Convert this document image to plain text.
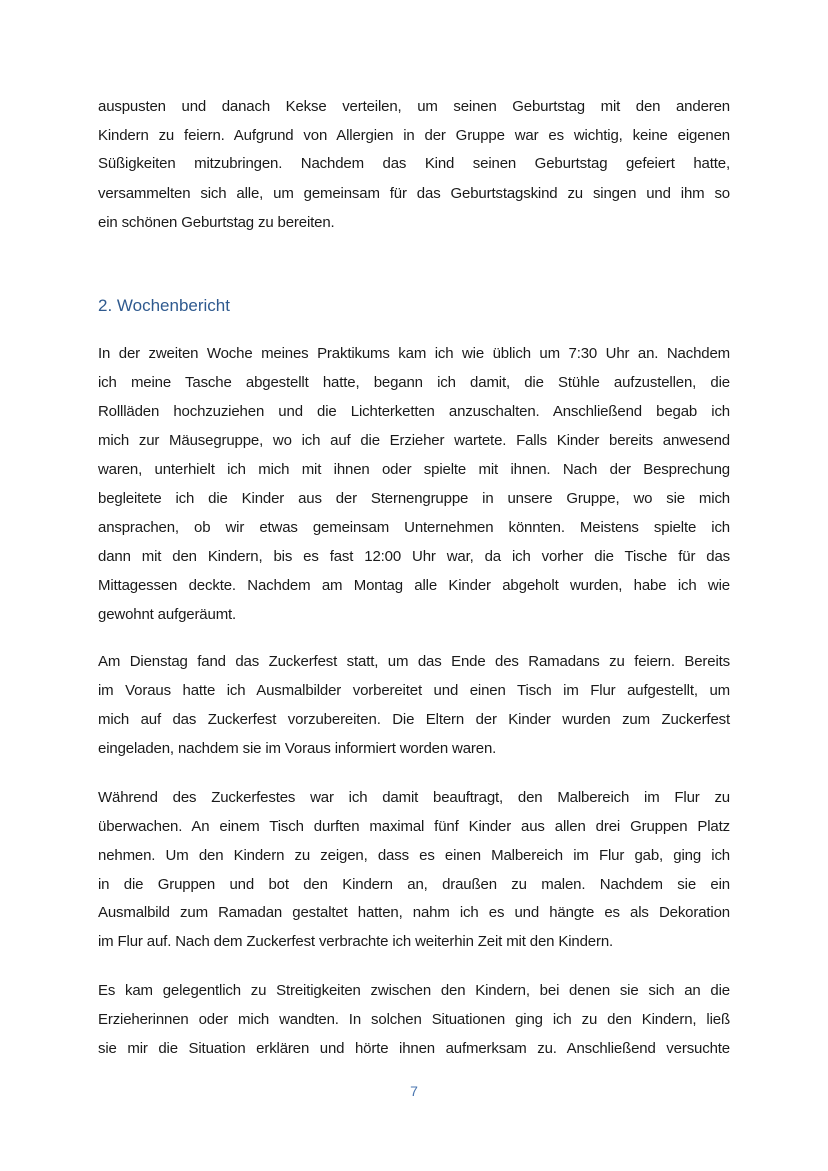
2. Wochenbericht
auspusten und danach Kekse verteilen, um seinen Geburtstag mit den anderen
Kindern zu feiern. Aufgrund von Allergien in der Gruppe war es wichtig, keine eigenen
Süßigkeiten mitzubringen. Nachdem das Kind seinen Geburtstag gefeiert hatte,
versammelten sich alle, um gemeinsam für das Geburtstagskind zu singen und ihm so
ein schönen Geburtstag zu bereiten.
In der zweiten Woche meines Praktikums kam ich wie üblich um 7:30 Uhr an. Nachdem
ich meine Tasche abgestellt hatte, begann ich damit, die Stühle aufzustellen, die
Rollläden hochzuziehen und die Lichterketten anzuschalten. Anschließend begab ich
mich zur Mäusegruppe, wo ich auf die Erzieher wartete. Falls Kinder bereits anwesend
waren, unterhielt ich mich mit ihnen oder spielte mit ihnen. Nach der Besprechung
begleitete ich die Kinder aus der Sternengruppe in unsere Gruppe, wo sie mich
ansprachen, ob wir etwas gemeinsam Unternehmen könnten. Meistens spielte ich
dann mit den Kindern, bis es fast 12:00 Uhr war, da ich vorher die Tische für das
Mittagessen deckte. Nachdem am Montag alle Kinder abgeholt wurden, habe ich wie
gewohnt aufgeräumt.
Am Dienstag fand das Zuckerfest statt, um das Ende des Ramadans zu feiern. Bereits
im Voraus hatte ich Ausmalbilder vorbereitet und einen Tisch im Flur aufgestellt, um
mich auf das Zuckerfest vorzubereiten. Die Eltern der Kinder wurden zum Zuckerfest
eingeladen, nachdem sie im Voraus informiert worden waren.
Während des Zuckerfestes war ich damit beauftragt, den Malbereich im Flur zu
überwachen. An einem Tisch durften maximal fünf Kinder aus allen drei Gruppen Platz
nehmen. Um den Kindern zu zeigen, dass es einen Malbereich im Flur gab, ging ich
in die Gruppen und bot den Kindern an, draußen zu malen. Nachdem sie ein
Ausmalbild zum Ramadan gestaltet hatten, nahm ich es und hängte es als Dekoration
im Flur auf. Nach dem Zuckerfest verbrachte ich weiterhin Zeit mit den Kindern.
Es kam gelegentlich zu Streitigkeiten zwischen den Kindern, bei denen sie sich an die
Erzieherinnen oder mich wandten. In solchen Situationen ging ich zu den Kindern, ließ
sie mir die Situation erklären und hörte ihnen aufmerksam zu. Anschließend versuchte
7
